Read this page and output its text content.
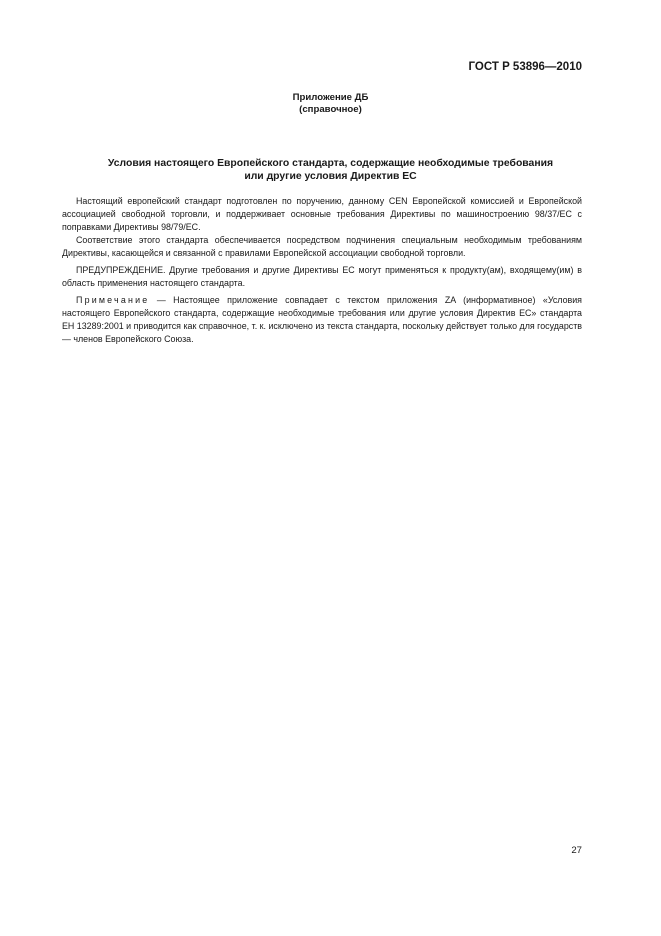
ГОСТ Р 53896—2010
Приложение ДБ
(справочное)
Условия настоящего Европейского стандарта, содержащие необходимые требования
или другие условия Директив ЕС

Настоящий европейский стандарт подготовлен по поручению, данному CEN Европейской комиссией и Европейской ассоциацией свободной торговли, и поддерживает основные требования Директивы по машиностроению 98/37/ЕС с поправками Директивы 98/79/ЕС.

Соответствие этого стандарта обеспечивается посредством подчинения специальным необходимым требованиям Директивы, касающейся и связанной с правилами Европейской ассоциации свободной торговли.

ПРЕДУПРЕЖДЕНИЕ. Другие требования и другие Директивы ЕС могут применяться к продукту(ам), входящему(им) в область применения настоящего стандарта.

Примечание — Настоящее приложение совпадает с текстом приложения ZA (информативное) «Условия настоящего Европейского стандарта, содержащие необходимые требования или другие условия Директив ЕС» стандарта ЕН 13289:2001 и приводится как справочное, т. к. исключено из текста стандарта, поскольку действует только для государств — членов Европейского Союза.

27
